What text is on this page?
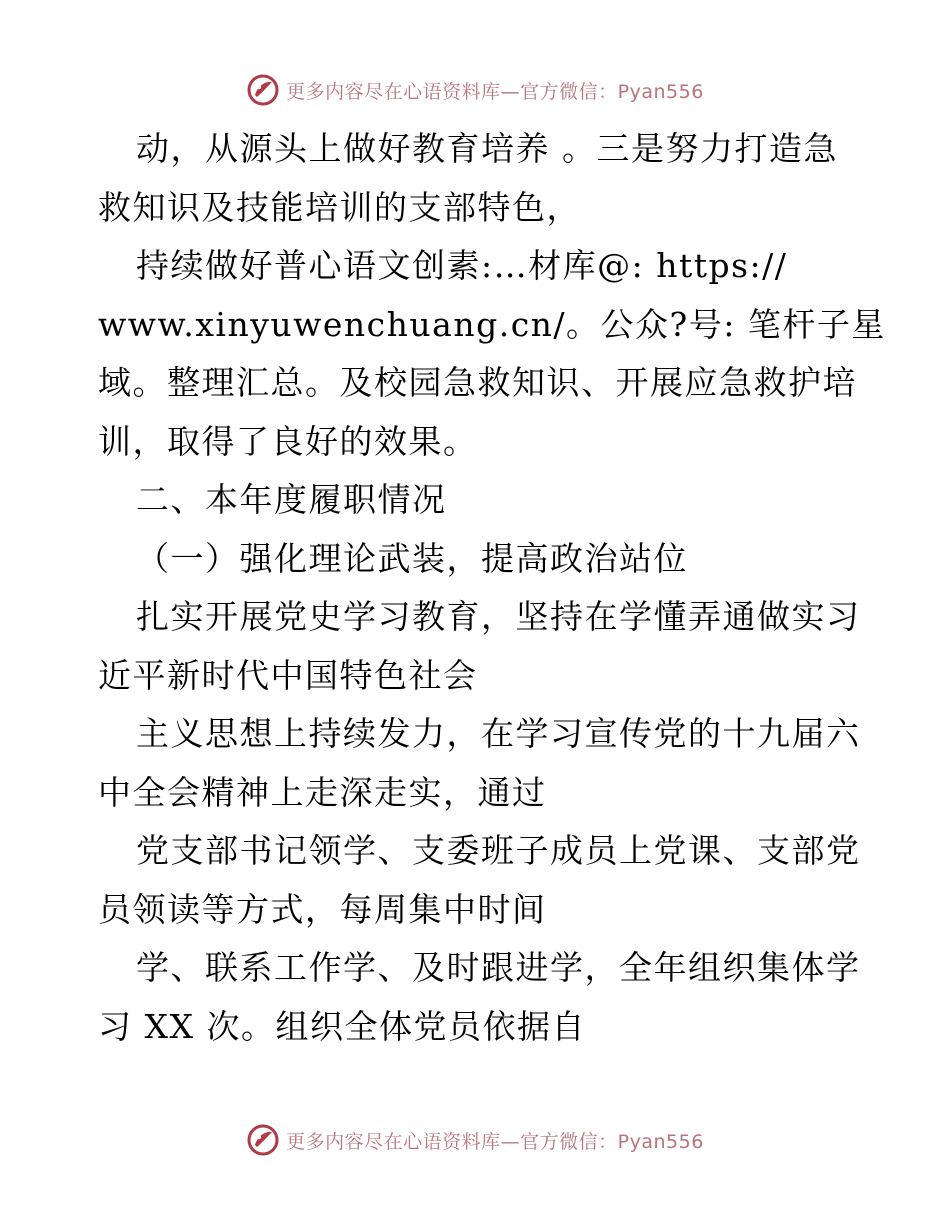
更多内容尽在心语资料库—官方微信：Pyan556
动，从源头上做好教育培养 。三是努力打造急
救知识及技能培训的支部特色，
持续做好普心语文创素:…材库@: https://
www.xinyuwenchuang.cn/。公众?号: 笔杆子星
域。整理汇总。及校园急救知识、开展应急救护培
训，取得了良好的效果。
二、本年度履职情况
（一）强化理论武装，提高政治站位
扎实开展党史学习教育，坚持在学懂弄通做实习
近平新时代中国特色社会
主义思想上持续发力，在学习宣传党的十九届六
中全会精神上走深走实，通过
党支部书记领学、支委班子成员上党课、支部党
员领读等方式，每周集中时间
学、联系工作学、及时跟进学，全年组织集体学
习 XX 次。组织全体党员依据自
更多内容尽在心语资料库—官方微信：Pyan556
